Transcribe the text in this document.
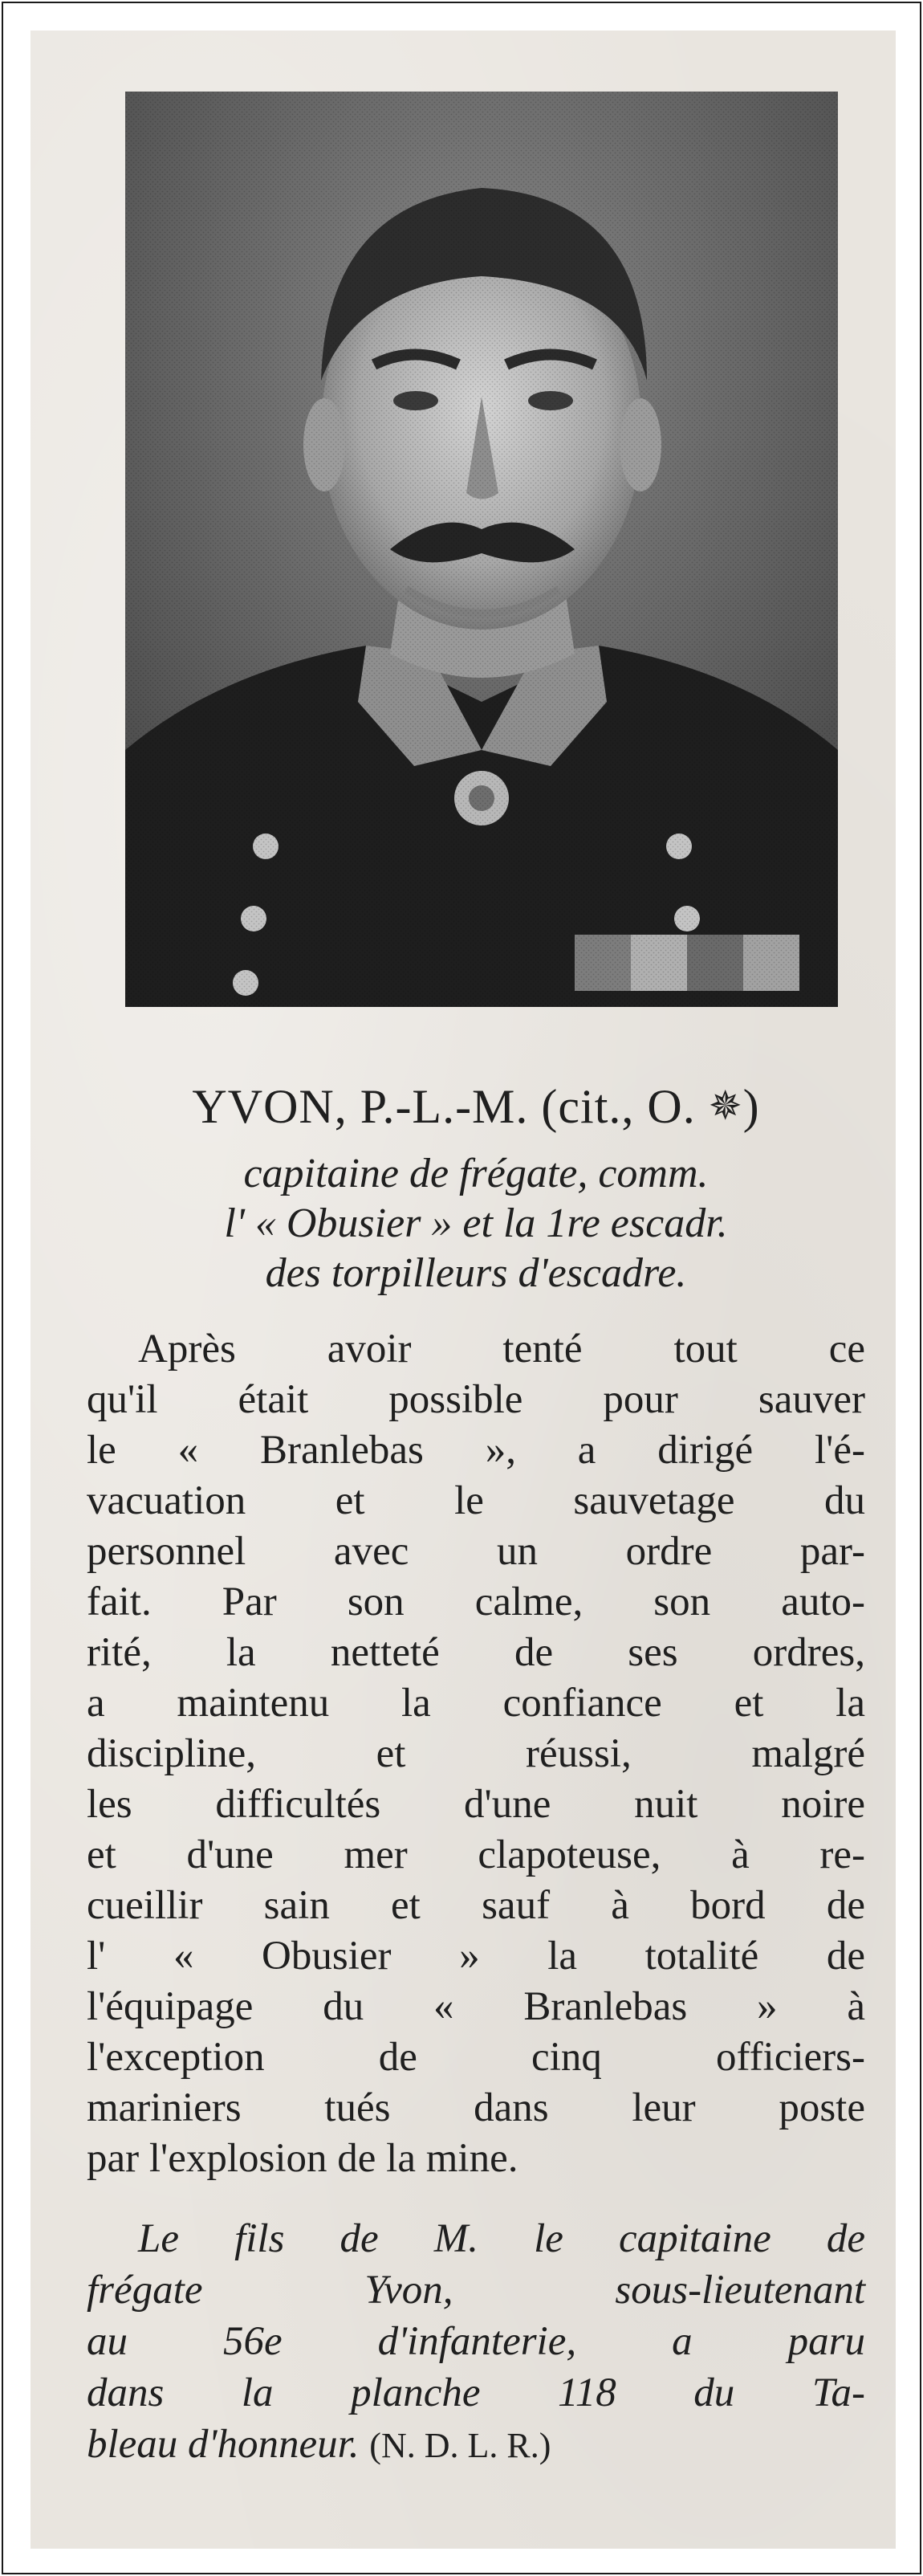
YVON, P.-L.-M. (cit., O. ✵)
capitaine de frégate, comm.
l' « Obusier » et la 1re escadr.
des torpilleurs d'escadre.
Après avoir tenté tout ce
qu'il était possible pour sauver
le « Branlebas », a dirigé l'é-
vacuation et le sauvetage du
personnel avec un ordre par-
fait. Par son calme, son auto-
rité, la netteté de ses ordres,
a maintenu la confiance et la
discipline, et réussi, malgré
les difficultés d'une nuit noire
et d'une mer clapoteuse, à re-
cueillir sain et sauf à bord de
l' « Obusier » la totalité de
l'équipage du « Branlebas » à
l'exception de cinq officiers-
mariniers tués dans leur poste
par l'explosion de la mine.
Le fils de M. le capitaine de
frégate Yvon, sous-lieutenant
au 56e d'infanterie, a paru
dans la planche 118 du Ta-
bleau d'honneur. (N. D. L. R.)
